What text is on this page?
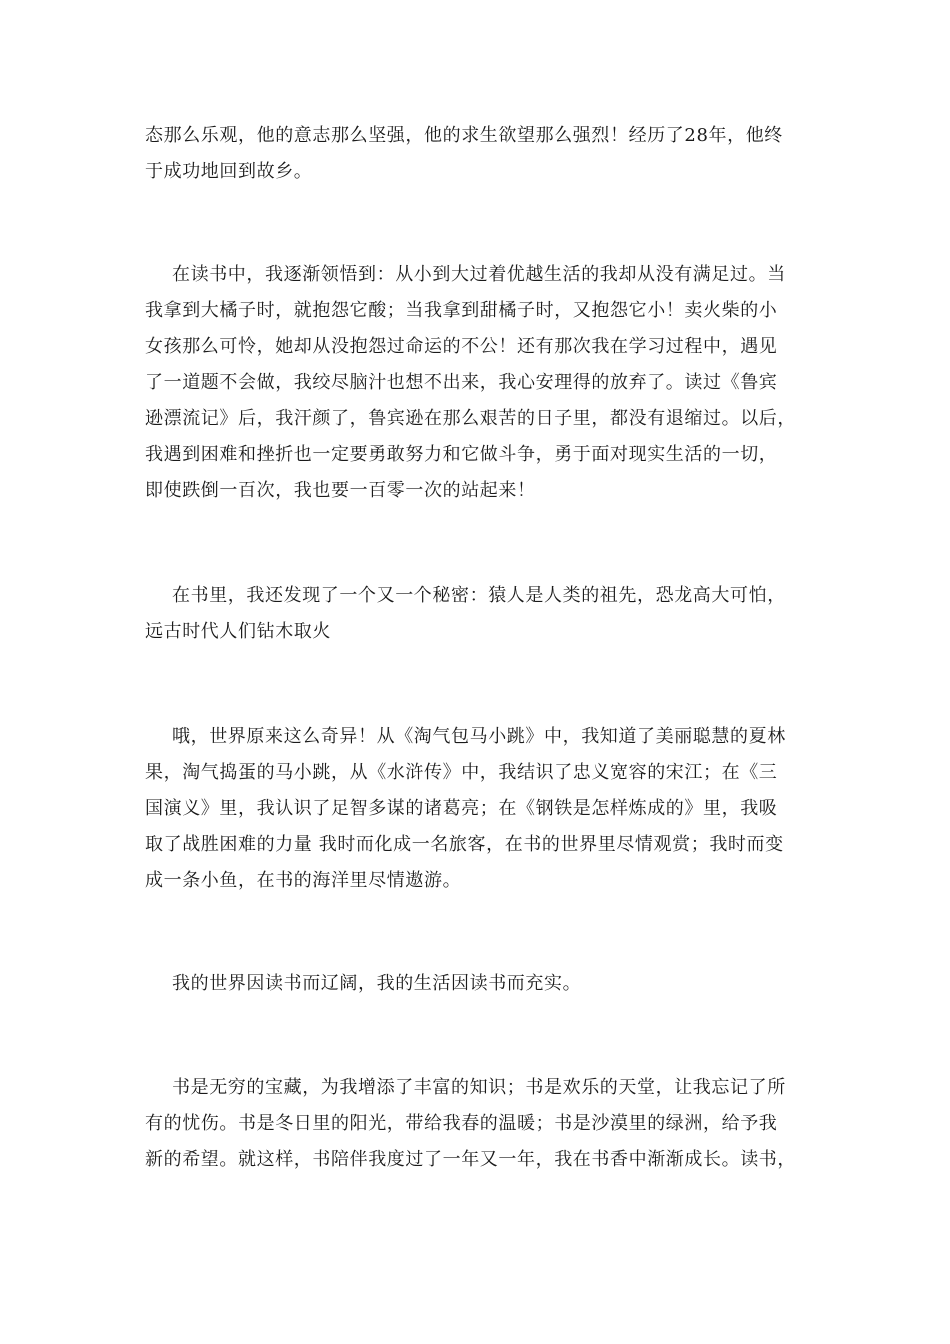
态那么乐观，他的意志那么坚强，他的求生欲望那么强烈！经历了28年，他终
于成功地回到故乡。
在读书中，我逐渐领悟到：从小到大过着优越生活的我却从没有满足过。当
我拿到大橘子时，就抱怨它酸；当我拿到甜橘子时，又抱怨它小！卖火柴的小
女孩那么可怜，她却从没抱怨过命运的不公！还有那次我在学习过程中，遇见
了一道题不会做，我绞尽脑汁也想不出来，我心安理得的放弃了。读过《鲁宾
逊漂流记》后，我汗颜了，鲁宾逊在那么艰苦的日子里，都没有退缩过。以后，
我遇到困难和挫折也一定要勇敢努力和它做斗争，勇于面对现实生活的一切，
即使跌倒一百次，我也要一百零一次的站起来！
在书里，我还发现了一个又一个秘密：猿人是人类的祖先，恐龙高大可怕，
远古时代人们钻木取火
哦，世界原来这么奇异！从《淘气包马小跳》中，我知道了美丽聪慧的夏林
果，淘气捣蛋的马小跳，从《水浒传》中，我结识了忠义宽容的宋江；在《三
国演义》里，我认识了足智多谋的诸葛亮；在《钢铁是怎样炼成的》里，我吸
取了战胜困难的力量 我时而化成一名旅客，在书的世界里尽情观赏；我时而变
成一条小鱼，在书的海洋里尽情遨游。
我的世界因读书而辽阔，我的生活因读书而充实。
书是无穷的宝藏，为我增添了丰富的知识；书是欢乐的天堂，让我忘记了所
有的忧伤。书是冬日里的阳光，带给我春的温暖；书是沙漠里的绿洲，给予我
新的希望。就这样，书陪伴我度过了一年又一年，我在书香中渐渐成长。读书，
